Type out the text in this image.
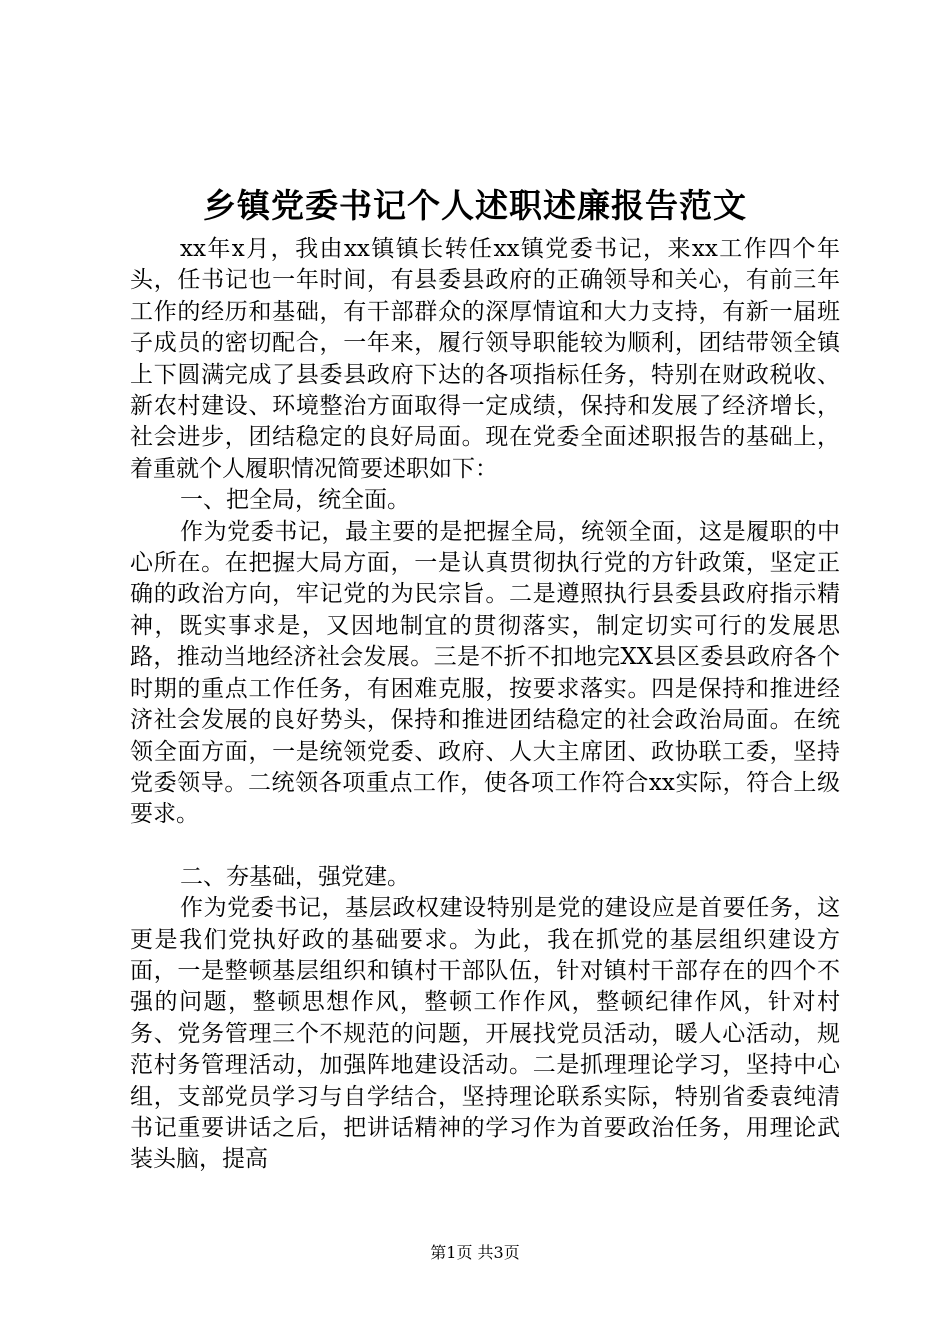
乡镇党委书记个人述职述廉报告范文

xx年x月，我由xx镇镇长转任xx镇党委书记，来xx工作四个年头，任书记也一年时间，有县委县政府的正确领导和关心，有前三年工作的经历和基础，有干部群众的深厚情谊和大力支持，有新一届班子成员的密切配合，一年来，履行领导职能较为顺利，团结带领全镇上下圆满完成了县委县政府下达的各项指标任务，特别在财政税收、新农村建设、环境整治方面取得一定成绩，保持和发展了经济增长，社会进步，团结稳定的良好局面。现在党委全面述职报告的基础上，着重就个人履职情况简要述职如下：

一、把全局，统全面。

作为党委书记，最主要的是把握全局，统领全面，这是履职的中心所在。在把握大局方面，一是认真贯彻执行党的方针政策，坚定正确的政治方向，牢记党的为民宗旨。二是遵照执行县委县政府指示精神，既实事求是，又因地制宜的贯彻落实，制定切实可行的发展思路，推动当地经济社会发展。三是不折不扣地完XX县区委县政府各个时期的重点工作任务，有困难克服，按要求落实。四是保持和推进经济社会发展的良好势头，保持和推进团结稳定的社会政治局面。在统领全面方面，一是统领党委、政府、人大主席团、政协联工委，坚持党委领导。二统领各项重点工作，使各项工作符合xx实际，符合上级要求。

二、夯基础，强党建。

作为党委书记，基层政权建设特别是党的建设应是首要任务，这更是我们党执好政的基础要求。为此，我在抓党的基层组织建设方面，一是整顿基层组织和镇村干部队伍，针对镇村干部存在的四个不强的问题，整顿思想作风，整顿工作作风，整顿纪律作风，针对村务、党务管理三个不规范的问题，开展找党员活动，暖人心活动，规范村务管理活动，加强阵地建设活动。二是抓理理论学习，坚持中心组，支部党员学习与自学结合，坚持理论联系实际，特别省委袁纯清书记重要讲话之后，把讲话精神的学习作为首要政治任务，用理论武装头脑，提高

第1页 共3页
